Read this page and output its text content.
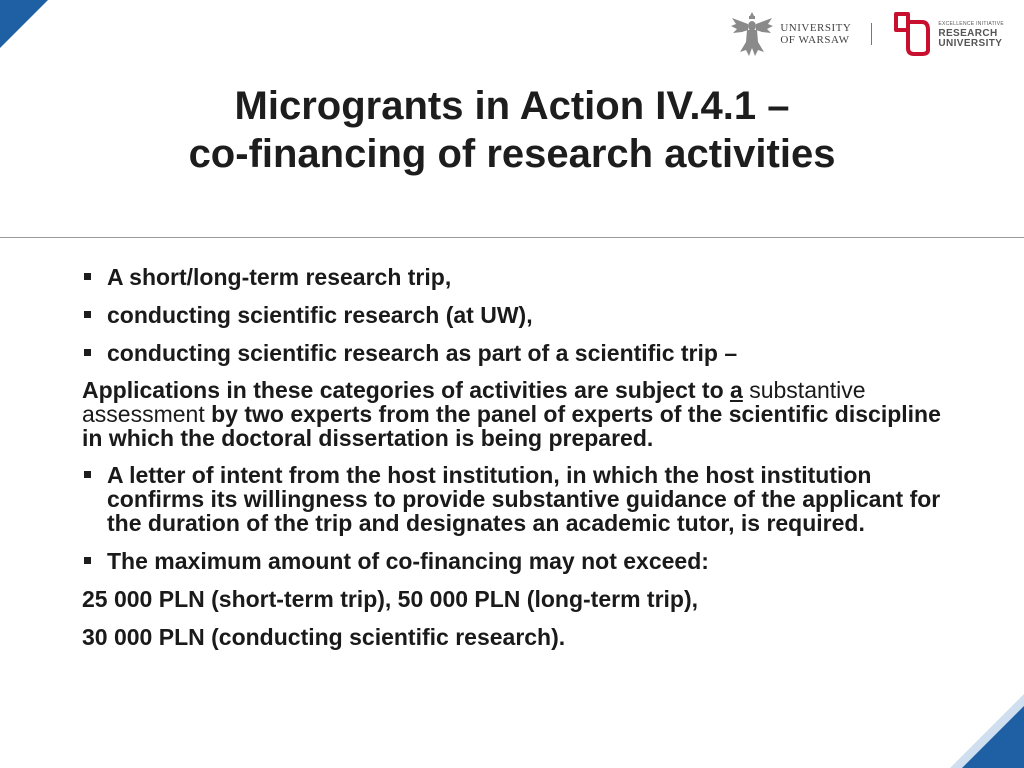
UNIVERSITY
OF WARSAW
EXCELLENCE INITIATIVE
RESEARCH
UNIVERSITY
Microgrants in Action IV.4.1 –
co-financing of research activities
A short/long-term research trip,
conducting scientific research (at UW),
conducting scientific research as part of a scientific trip –
Applications in these categories of activities are subject to a substantive assessment by two experts from the panel of experts of the scientific discipline in which the doctoral dissertation is being prepared.
A letter of intent from the host institution, in which the host institution confirms its willingness to provide substantive guidance of the applicant for the duration of the trip and designates an academic tutor, is required.
The maximum amount of co-financing may not exceed:
25 000 PLN (short-term trip), 50 000 PLN (long-term trip),
30 000 PLN (conducting scientific research).
